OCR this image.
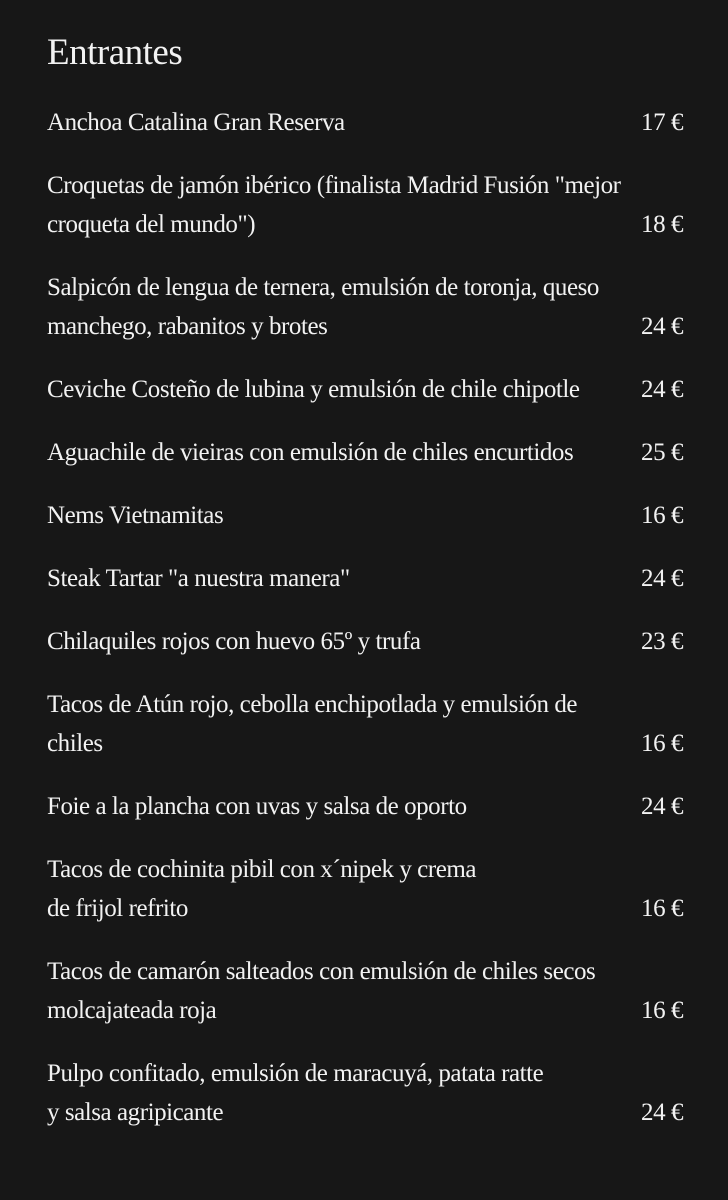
Entrantes
Anchoa Catalina Gran Reserva	17 €
Croquetas de jamón ibérico (finalista Madrid Fusión "mejor
croqueta del mundo")	18 €
Salpicón de lengua de ternera, emulsión de toronja, queso
manchego, rabanitos y brotes	24 €
Ceviche Costeño de lubina y emulsión de chile chipotle	24 €
Aguachile de vieiras con emulsión de chiles encurtidos	25 €
Nems Vietnamitas	16 €
Steak Tartar "a nuestra manera"	24 €
Chilaquiles rojos con huevo 65º y trufa	23 €
Tacos de Atún rojo, cebolla enchipotlada y emulsión de
chiles	16 €
Foie a la plancha con uvas y salsa de oporto	24 €
Tacos de cochinita pibil con x´nipek y crema
de frijol refrito	16 €
Tacos de camarón salteados con emulsión de chiles secos
molcajateada roja	16 €
Pulpo confitado, emulsión de maracuyá, patata ratte
y salsa agripicante	24 €
